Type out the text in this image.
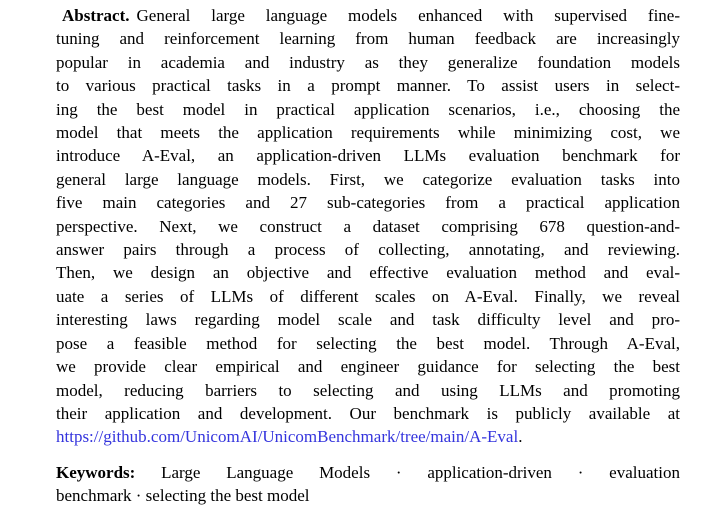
Abstract. General large language models enhanced with supervised fine-
tuning and reinforcement learning from human feedback are increasingly
popular in academia and industry as they generalize foundation models
to various practical tasks in a prompt manner. To assist users in select-
ing the best model in practical application scenarios, i.e., choosing the
model that meets the application requirements while minimizing cost, we
introduce A-Eval, an application-driven LLMs evaluation benchmark for
general large language models. First, we categorize evaluation tasks into
five main categories and 27 sub-categories from a practical application
perspective. Next, we construct a dataset comprising 678 question-and-
answer pairs through a process of collecting, annotating, and reviewing.
Then, we design an objective and effective evaluation method and eval-
uate a series of LLMs of different scales on A-Eval. Finally, we reveal
interesting laws regarding model scale and task difficulty level and pro-
pose a feasible method for selecting the best model. Through A-Eval,
we provide clear empirical and engineer guidance for selecting the best
model, reducing barriers to selecting and using LLMs and promoting
their application and development. Our benchmark is publicly available at
https://github.com/UnicomAI/UnicomBenchmark/tree/main/A-Eval.
Keywords: Large Language Models · application-driven · evaluation
benchmark · selecting the best model
